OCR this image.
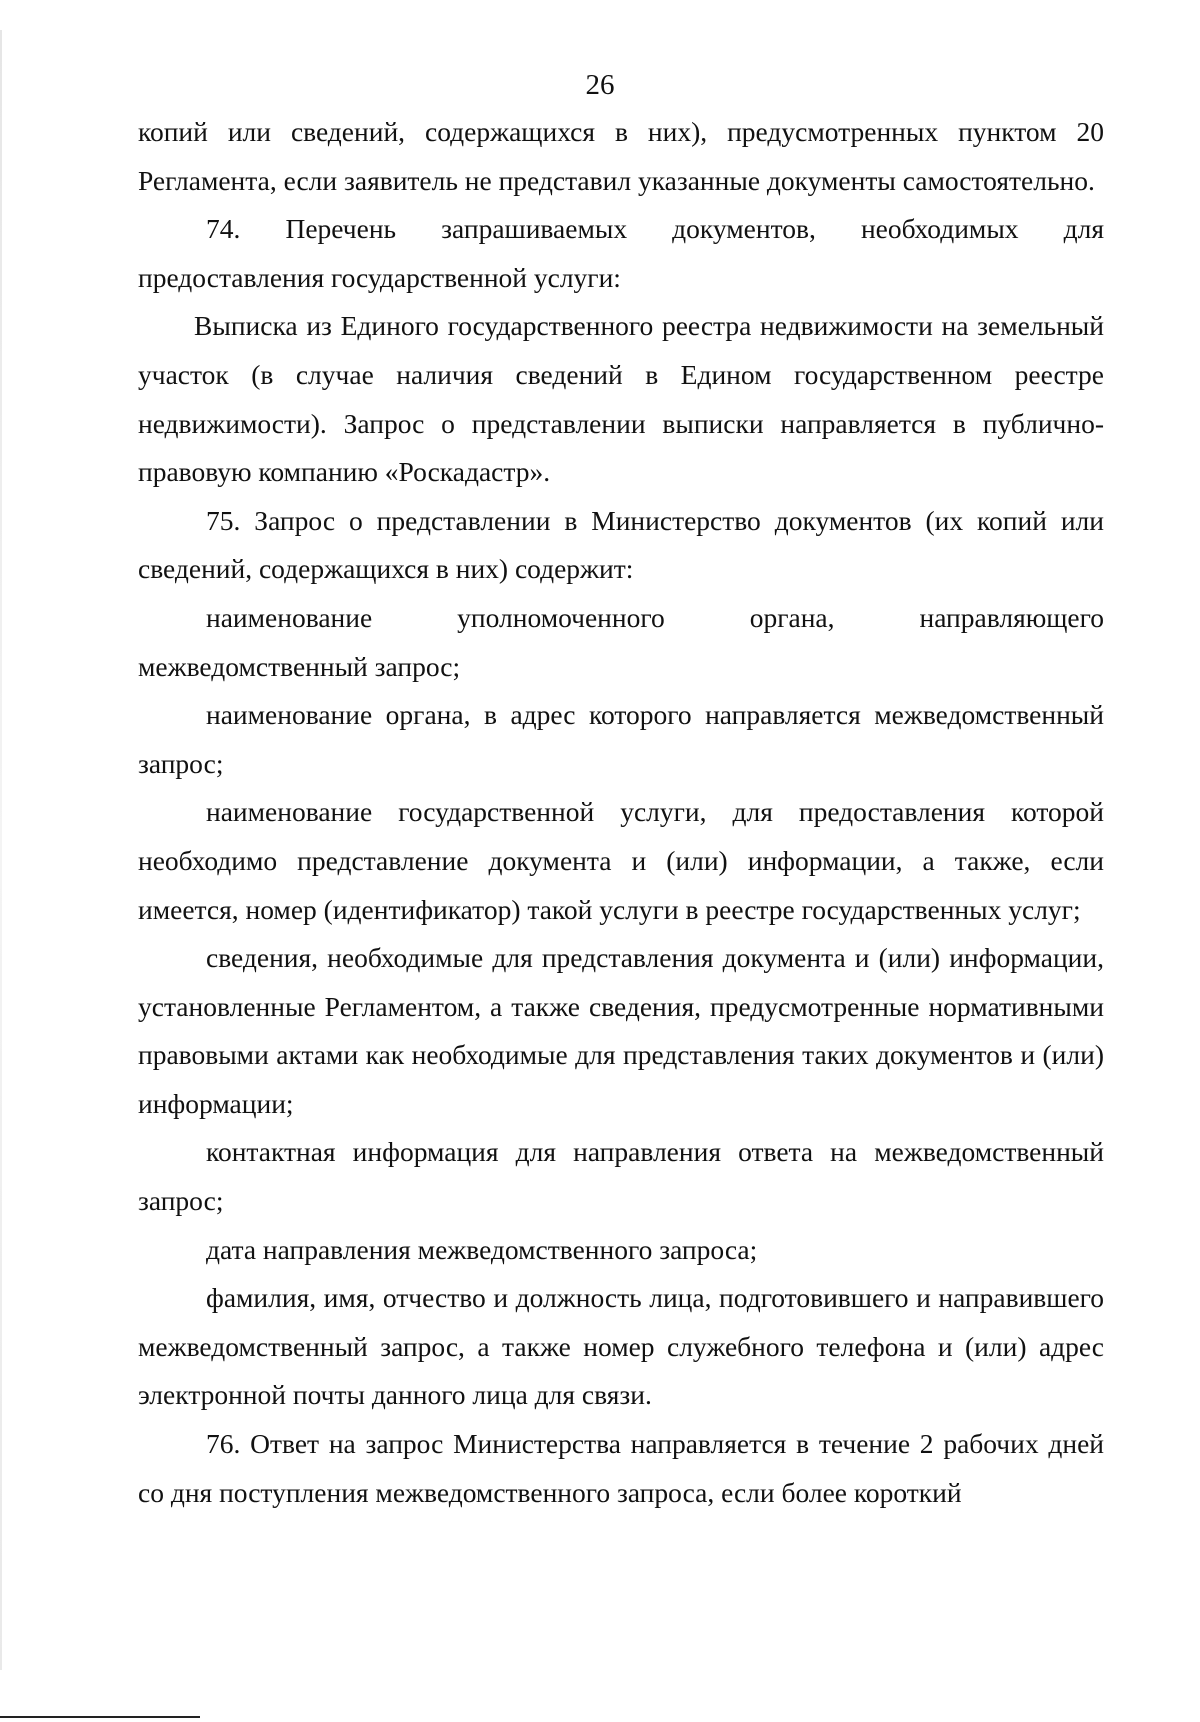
26

копий или сведений, содержащихся в них), предусмотренных пунктом 20 Регламента, если заявитель не представил указанные документы самостоятельно.

74. Перечень запрашиваемых документов, необходимых для предоставления государственной услуги:

Выписка из Единого государственного реестра недвижимости на земельный участок (в случае наличия сведений в Едином государственном реестре недвижимости). Запрос о представлении выписки направляется в публично-правовую компанию «Роскадастр».

75. Запрос о представлении в Министерство документов (их копий или сведений, содержащихся в них) содержит:

наименование уполномоченного органа, направляющего межведомственный запрос;

наименование органа, в адрес которого направляется межведомственный запрос;

наименование государственной услуги, для предоставления которой необходимо представление документа и (или) информации, а также, если имеется, номер (идентификатор) такой услуги в реестре государственных услуг;

сведения, необходимые для представления документа и (или) информации, установленные Регламентом, а также сведения, предусмотренные нормативными правовыми актами как необходимые для представления таких документов и (или) информации;

контактная информация для направления ответа на межведомственный запрос;

дата направления межведомственного запроса;

фамилия, имя, отчество и должность лица, подготовившего и направившего межведомственный запрос, а также номер служебного телефона и (или) адрес электронной почты данного лица для связи.

76. Ответ на запрос Министерства направляется в течение 2 рабочих дней со дня поступления межведомственного запроса, если более короткий
